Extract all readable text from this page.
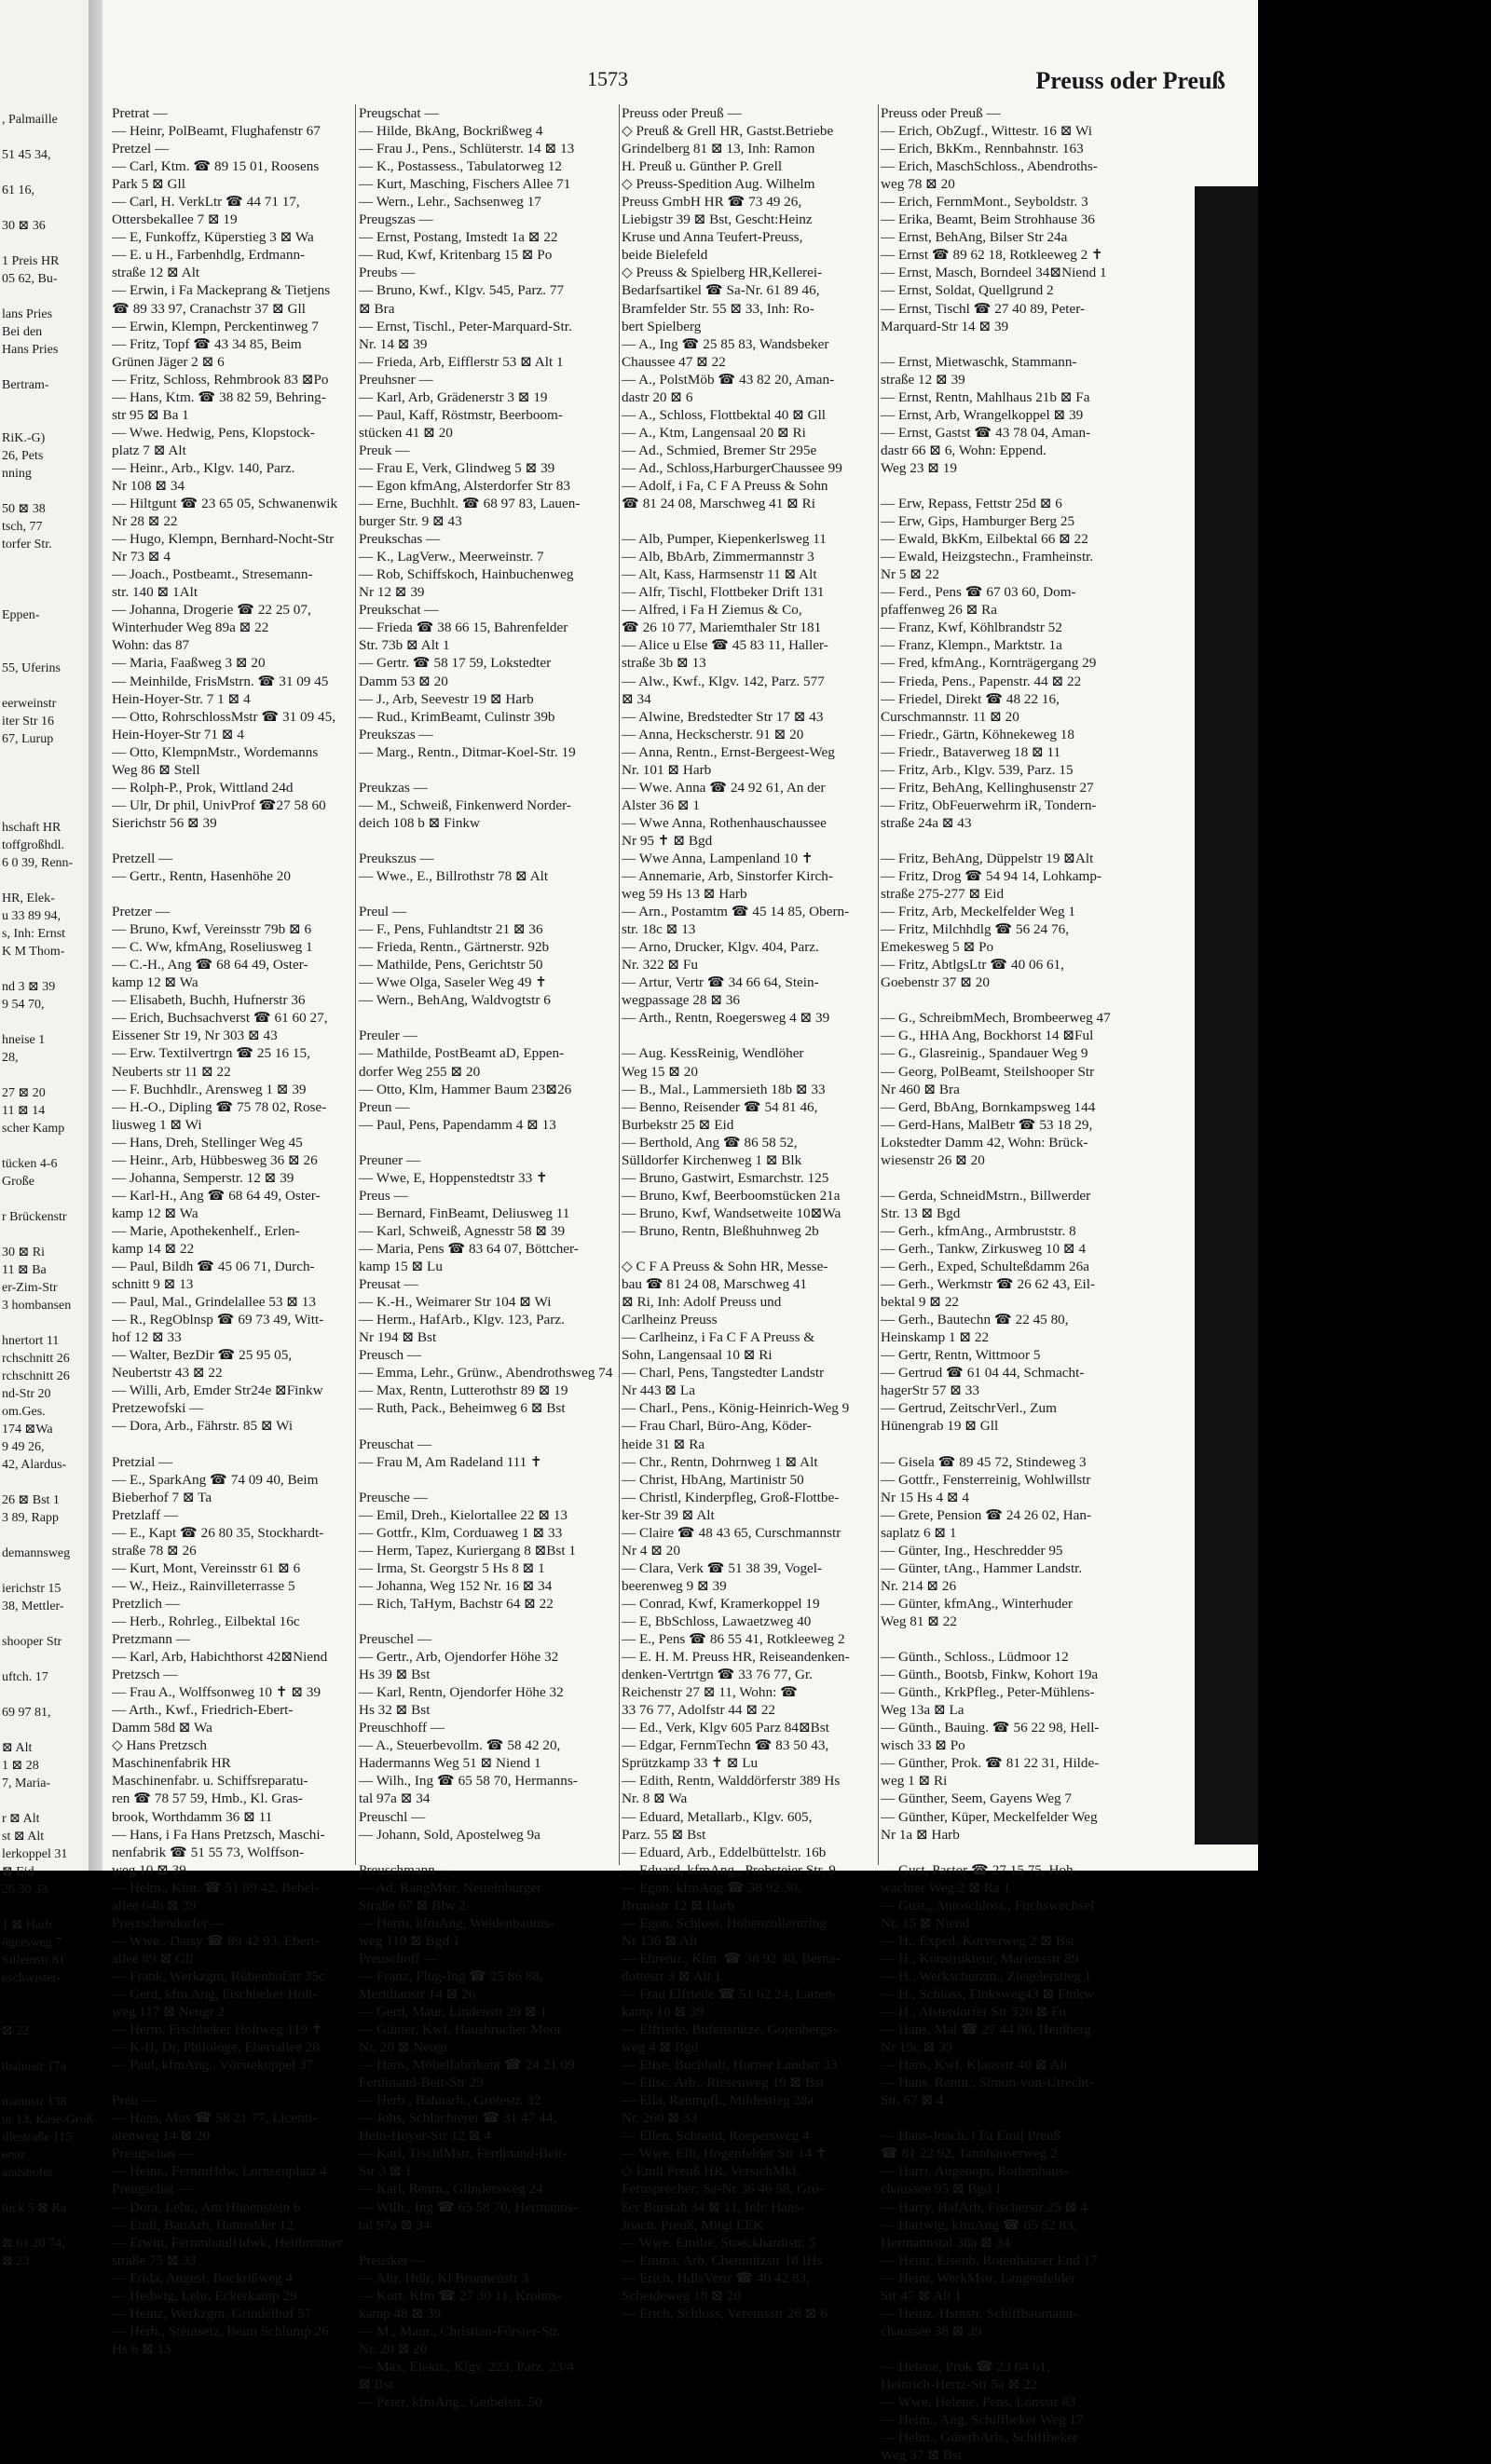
, Palmaille
51 45 34,
61 16,
30 ⊠ 36
1 Preis HR
05 62, Bu-
lans Pries
Bei den
Hans Pries
Bertram-
RiK.-G)
26, Pets
nning
50 ⊠ 38
tsch, 77
torfer Str.
Eppen-
55, Uferins
eerweinstr
iter Str 16
67, Lurup
hschaft HR
toffgroßhdl.
6 0 39, Renn-
HR, Elek-
u 33 89 94,
s, Inh: Ernst
K M Thom-
nd 3 ⊠ 39
9 54 70,
hneise 1
28,
27 ⊠ 20
11 ⊠ 14
scher Kamp
tücken 4-6
Große
r Brückenstr
30 ⊠ Ri
11 ⊠ Ba
er-Zim-Str
3 hombansen
hnertort 11
rchschnitt 26
rchschnitt 26
nd-Str 20
om.Ges.
174 ⊠Wa
9 49 26,
42, Alardus-
26 ⊠ Bst 1
3 89, Rapp
demannsweg
ierichstr 15
38, Mettler-
shooper Str
uftch. 17
69 97 81,
⊠ Alt
1 ⊠ 28
7, Maria-
r ⊠ Alt
st ⊠ Alt
lerkoppel 31
⊠ Eid
26 30 33,
1 ⊠ Harb
ögersweg 7
Sillemstr 81
eschwister-
⊠ 22
tbahnstr 17a
mannstr 138
ur 13, Käse-Groß
illestraße 115
erstr
andshofer
tück 5 ⊠ Ra
⊠ 61 20 74,
⊠ 23
1573	Preuss oder Preuß
Pretrat —
— Heinr, PolBeamt, Flughafenstr 67
Pretzel —
— Carl, Ktm. ☎ 89 15 01, Roosens
Park 5 ⊠ Gll
— Carl, H. VerkLtr ☎ 44 71 17,
Ottersbekallee 7 ⊠ 19
— E, Funkoffz, Küperstieg 3 ⊠ Wa
— E. u H., Farbenhdlg, Erdmann-
straße 12 ⊠ Alt
— Erwin, i Fa Mackeprang & Tietjens
☎ 89 33 97, Cranachstr 37 ⊠ Gll
— Erwin, Klempn, Perckentinweg 7
— Fritz, Topf ☎ 43 34 85, Beim
Grünen Jäger 2 ⊠ 6
— Fritz, Schloss, Rehmbrook 83 ⊠Po
— Hans, Ktm. ☎ 38 82 59, Behring-
str 95 ⊠ Ba 1
— Wwe. Hedwig, Pens, Klopstock-
platz 7 ⊠ Alt
— Heinr., Arb., Klgv. 140, Parz.
Nr 108 ⊠ 34
— Hiltgunt ☎ 23 65 05, Schwanenwik
Nr 28 ⊠ 22
— Hugo, Klempn, Bernhard-Nocht-Str
Nr 73 ⊠ 4
— Joach., Postbeamt., Stresemann-
str. 140 ⊠ 1Alt
— Johanna, Drogerie ☎ 22 25 07,
Winterhuder Weg 89a ⊠ 22
Wohn: das 87
— Maria, Faaßweg 3 ⊠ 20
— Meinhilde, FrisMstrn. ☎ 31 09 45
Hein-Hoyer-Str. 7 1 ⊠ 4
— Otto, RohrschlossMstr ☎ 31 09 45,
Hein-Hoyer-Str 71 ⊠ 4
— Otto, KlempnMstr., Wordemanns
Weg 86 ⊠ Stell
— Rolph-P., Prok, Wittland 24d
— Ulr, Dr phil, UnivProf ☎27 58 60
Sierichstr 56 ⊠ 39
Pretzell —
— Gertr., Rentn, Hasenhöhe 20
Pretzer —
— Bruno, Kwf, Vereinsstr 79b ⊠ 6
— C. Ww, kfmAng, Roseliusweg 1
— C.-H., Ang ☎ 68 64 49, Oster-
kamp 12 ⊠ Wa
— Elisabeth, Buchh, Hufnerstr 36
— Erich, Buchsachverst ☎ 61 60 27,
Eissener Str 19, Nr 303 ⊠ 43
— Erw. Textilvertrgn ☎ 25 16 15,
Neuberts str 11 ⊠ 22
— F. Buchhdlr., Arensweg 1 ⊠ 39
— H.-O., Dipling ☎ 75 78 02, Rose-
liusweg 1 ⊠ Wi
— Hans, Dreh, Stellinger Weg 45
— Heinr., Arb, Hübbesweg 36 ⊠ 26
— Johanna, Semperstr. 12 ⊠ 39
— Karl-H., Ang ☎ 68 64 49, Oster-
kamp 12 ⊠ Wa
— Marie, Apothekenhelf., Erlen-
kamp 14 ⊠ 22
— Paul, Bildh ☎ 45 06 71, Durch-
schnitt 9 ⊠ 13
— Paul, Mal., Grindelallee 53 ⊠ 13
— R., RegOblnsp ☎ 69 73 49, Witt-
hof 12 ⊠ 33
— Walter, BezDir ☎ 25 95 05,
Neubertstr 43 ⊠ 22
— Willi, Arb, Emder Str24e ⊠Finkw
Pretzewofski —
— Dora, Arb., Fährstr. 85 ⊠ Wi
Pretzial —
— E., SparkAng ☎ 74 09 40, Beim
Bieberhof 7 ⊠ Ta
Pretzlaff —
— E., Kapt ☎ 26 80 35, Stockhardt-
straße 78 ⊠ 26
— Kurt, Mont, Vereinsstr 61 ⊠ 6
— W., Heiz., Rainvilleterrasse 5
Pretzlich —
— Herb., Rohrleg., Eilbektal 16c
Pretzmann —
— Karl, Arb, Habichthorst 42⊠Niend
Pretzsch —
— Frau A., Wolffsonweg 10 ✝ ⊠ 39
— Arth., Kwf., Friedrich-Ebert-
Damm 58d ⊠ Wa
◇ Hans Pretzsch
Maschinenfabrik HR
Maschinenfabr. u. Schiffsreparatu-
ren ☎ 78 57 59, Hmb., Kl. Gras-
brook, Worthdamm 36 ⊠ 11
— Hans, i Fa Hans Pretzsch, Maschi-
nenfabrik ☎ 51 55 73, Wolffson-
weg 10 ⊠ 39
— Helm., Ktm. ☎ 51 89 42, Bebel-
allee 64b ⊠ 39
Pretzschendorfer —
— Wwe., Daisy ☎ 89 42 93, Ebert-
allee 89 ⊠ Gll
— Frank, Werkzgm, Rübenhofstr 35c
— Gerd, kfm Ang, Fischbeker Holt-
weg 117 ⊠ Neugr 2
— Herm, Fischbeker Holtweg 119 ✝
— K-H, Dr, Philologe, Ebertallee 28
— Paul, kfmAng., Vörstekoppel 37
Preu —
— Hans, Mus ☎ 58 21 77, Licenti-
atenweg 14 ⊠ 20
Preugschas —
— Heinr., FernmHdw, Lornsenplatz 4
Preugschat —
— Dora, Lehr., Am Hünenstein 6
— Emil, BauArb, Hanredder 12
— Erwin, FernmbaulHdwk, Heilbronner
straße 75 ⊠ 33
— Frida, Angest, Bockrißweg 4
— Hedwig, Lehr, Eckerkamp 29
— Heinz, Werkzgm, Grindelhof 57
— Herb., Steinsetz, Beim Schlump 26
Hs 6 ⊠ 13
Preugschat —
— Hilde, BkAng, Bockrißweg 4
— Frau J., Pens., Schlüterstr. 14 ⊠ 13
— K., Postassess., Tabulatorweg 12
— Kurt, Masching, Fischers Allee 71
— Wern., Lehr., Sachsenweg 17
Preugszas —
— Ernst, Postang, Imstedt 1a ⊠ 22
— Rud, Kwf, Kritenbarg 15 ⊠ Po
Preubs —
— Bruno, Kwf., Klgv. 545, Parz. 77
⊠ Bra
— Ernst, Tischl., Peter-Marquard-Str.
Nr. 14 ⊠ 39
— Frieda, Arb, Eifflerstr 53 ⊠ Alt 1
Preuhsner —
— Karl, Arb, Grädenerstr 3 ⊠ 19
— Paul, Kaff, Röstmstr, Beerboom-
stücken 41 ⊠ 20
Preuk —
— Frau E, Verk, Glindweg 5 ⊠ 39
— Egon kfmAng, Alsterdorfer Str 83
— Erne, Buchhlt. ☎ 68 97 83, Lauen-
burger Str. 9 ⊠ 43
Preukschas —
— K., LagVerw., Meerweinstr. 7
— Rob, Schiffskoch, Hainbuchenweg
Nr 12 ⊠ 39
Preukschat —
— Frieda ☎ 38 66 15, Bahrenfelder
Str. 73b ⊠ Alt 1
— Gertr. ☎ 58 17 59, Lokstedter
Damm 53 ⊠ 20
— J., Arb, Seevestr 19 ⊠ Harb
— Rud., KrimBeamt, Culinstr 39b
Preukszas —
— Marg., Rentn., Ditmar-Koel-Str. 19
Preukzas —
— M., Schweiß, Finkenwerd Norder-
deich 108 b ⊠ Finkw
Preukszus —
— Wwe., E., Billrothstr 78 ⊠ Alt
Preul —
— F., Pens, Fuhlandtstr 21 ⊠ 36
— Frieda, Rentn., Gärtnerstr. 92b
— Mathilde, Pens, Gerichtstr 50
— Wwe Olga, Saseler Weg 49 ✝
— Wern., BehAng, Waldvogtstr 6
Preuler —
— Mathilde, PostBeamt aD, Eppen-
dorfer Weg 255 ⊠ 20
— Otto, Klm, Hammer Baum 23⊠26
Preun —
— Paul, Pens, Papendamm 4 ⊠ 13
Preuner —
— Wwe, E, Hoppenstedtstr 33 ✝
Preus —
— Bernard, FinBeamt, Deliusweg 11
— Karl, Schweiß, Agnesstr 58 ⊠ 39
— Maria, Pens ☎ 83 64 07, Böttcher-
kamp 15 ⊠ Lu
Preusat —
— K.-H., Weimarer Str 104 ⊠ Wi
— Herm., HafArb., Klgv. 123, Parz.
Nr 194 ⊠ Bst
Preusch —
— Emma, Lehr., Grünw., Abendrothsweg 74
— Max, Rentn, Lutterothstr 89 ⊠ 19
— Ruth, Pack., Beheimweg 6 ⊠ Bst
Preuschat —
— Frau M, Am Radeland 111 ✝
Preusche —
— Emil, Dreh., Kielortallee 22 ⊠ 13
— Gottfr., Klm, Corduaweg 1 ⊠ 33
— Herm, Tapez, Kuriergang 8 ⊠Bst 1
— Irma, St. Georgstr 5 Hs 8 ⊠ 1
— Johanna, Weg 152 Nr. 16 ⊠ 34
— Rich, TaHym, Bachstr 64 ⊠ 22
Preuschel —
— Gertr., Arb, Ojendorfer Höhe 32
Hs 39 ⊠ Bst
— Karl, Rentn, Ojendorfer Höhe 32
Hs 32 ⊠ Bst
Preuschhoff —
— A., Steuerbevollm. ☎ 58 42 20,
Hadermanns Weg 51 ⊠ Niend 1
— Wilh., Ing ☎ 65 58 70, Hermanns-
tal 97a ⊠ 34
Preuschl —
— Johann, Sold, Apostelweg 9a
Preuschmann —
— Ad, RangMstr, Nettelnburger
Straße 67 ⊠ Blw 2
— Herm, kfmAng, Weidenbaums-
weg 110 ⊠ Bgd 1
Preuschoff —
— Franz, Flug-Ing ☎ 25 86 88,
Meridianstr 14 ⊠ 26
— Gerd, Maur, Lindenstr 29 ⊠ 1
— Günter, Kwf, Hausbrucher Moor
Nr. 20 ⊠ Neugr
— Hans, Möbelfabrikant ☎ 24 21 09
Ferdinand-Beit-Str 29
— Herb., Bahnarb., Grotestr. 32
— Johs, Schlachterei ☎ 31 47 44,
Hein-Hoyer-Str 12 ⊠ 4
— Karl, TischlMstr, Ferdinand-Beit-
Str 3 ⊠ 1
— Karl, Rentn., Glindersweg 24
— Wilh., Ing ☎ 65 58 70, Hermanns-
tal 97a ⊠ 34
Preusker —
— Altr, Hdlr, Kl Brunnenstr 3
— Kurt, Klm ☎ 27 30 11, Krohns-
kamp 48 ⊠ 39
— M., Maur., Christian-Förster-Str.
Nr. 20 ⊠ 20
— Max, Elektr., Klgv. 223, Parz. 23/4
⊠ Bst
— Peter, kfmAng., Geibelstr. 50
Preuss oder Preuß —
◇ Preuß & Grell HR, Gastst.Betriebe
Grindelberg 81 ⊠ 13, Inh: Ramon
H. Preuß u. Günther P. Grell
◇ Preuss-Spedition Aug. Wilhelm
Preuss GmbH HR ☎ 73 49 26,
Liebigstr 39 ⊠ Bst, Gescht:Heinz
Kruse und Anna Teufert-Preuss,
beide Bielefeld
◇ Preuss & Spielberg HR,Kellerei-
Bedarfsartikel ☎ Sa-Nr. 61 89 46,
Bramfelder Str. 55 ⊠ 33, Inh: Ro-
bert Spielberg
— A., Ing ☎ 25 85 83, Wandsbeker
Chaussee 47 ⊠ 22
— A., PolstMöb ☎ 43 82 20, Aman-
dastr 20 ⊠ 6
— A., Schloss, Flottbektal 40 ⊠ Gll
— A., Ktm, Langensaal 20 ⊠ Ri
— Ad., Schmied, Bremer Str 295e
— Ad., Schloss,HarburgerChaussee 99
— Adolf, i Fa, C F A Preuss & Sohn
☎ 81 24 08, Marschweg 41 ⊠ Ri
— Alb, Pumper, Kiepenkerlsweg 11
— Alb, BbArb, Zimmermannstr 3
— Alt, Kass, Harmsenstr 11 ⊠ Alt
— Alfr, Tischl, Flottbeker Drift 131
— Alfred, i Fa H Ziemus & Co,
☎ 26 10 77, Mariemthaler Str 181
— Alice u Else ☎ 45 83 11, Haller-
straße 3b ⊠ 13
— Alw., Kwf., Klgv. 142, Parz. 577
⊠ 34
— Alwine, Bredstedter Str 17 ⊠ 43
— Anna, Heckscherstr. 91 ⊠ 20
— Anna, Rentn., Ernst-Bergeest-Weg
Nr. 101 ⊠ Harb
— Wwe. Anna ☎ 24 92 61, An der
Alster 36 ⊠ 1
— Wwe Anna, Rothenhauschaussee
Nr 95 ✝ ⊠ Bgd
— Wwe Anna, Lampenland 10 ✝
— Annemarie, Arb, Sinstorfer Kirch-
weg 59 Hs 13 ⊠ Harb
— Arn., Postamtm ☎ 45 14 85, Obern-
str. 18c ⊠ 13
— Arno, Drucker, Klgv. 404, Parz.
Nr. 322 ⊠ Fu
— Artur, Vertr ☎ 34 66 64, Stein-
wegpassage 28 ⊠ 36
— Arth., Rentn, Roegersweg 4 ⊠ 39
— Aug. KessReinig, Wendlöher
Weg 15 ⊠ 20
— B., Mal., Lammersieth 18b ⊠ 33
— Benno, Reisender ☎ 54 81 46,
Burbekstr 25 ⊠ Eid
— Berthold, Ang ☎ 86 58 52,
Sülldorfer Kirchenweg 1 ⊠ Blk
— Bruno, Gastwirt, Esmarchstr. 125
— Bruno, Kwf, Beerboomstücken 21a
— Bruno, Kwf, Wandsetweite 10⊠Wa
— Bruno, Rentn, Bleßhuhnweg 2b
◇ C F A Preuss & Sohn HR, Messe-
bau ☎ 81 24 08, Marschweg 41
⊠ Ri, Inh: Adolf Preuss und
Carlheinz Preuss
— Carlheinz, i Fa C F A Preuss &
Sohn, Langensaal 10 ⊠ Ri
— Charl, Pens, Tangstedter Landstr
Nr 443 ⊠ La
— Charl., Pens., König-Heinrich-Weg 9
— Frau Charl, Büro-Ang, Köder-
heide 31 ⊠ Ra
— Chr., Rentn, Dohrnweg 1 ⊠ Alt
— Christ, HbAng, Martinistr 50
— Christl, Kinderpfleg, Groß-Flottbe-
ker-Str 39 ⊠ Alt
— Claire ☎ 48 43 65, Curschmannstr
Nr 4 ⊠ 20
— Clara, Verk ☎ 51 38 39, Vogel-
beerenweg 9 ⊠ 39
— Conrad, Kwf, Kramerkoppel 19
— E, BbSchloss, Lawaetzweg 40
— E., Pens ☎ 86 55 41, Rotkleeweg 2
— E. H. M. Preuss HR, Reiseandenken-
denken-Vertrtgn ☎ 33 76 77, Gr.
Reichenstr 27 ⊠ 11, Wohn: ☎
33 76 77, Adolfstr 44 ⊠ 22
— Ed., Verk, Klgv 605 Parz 84⊠Bst
— Edgar, FernmTechn ☎ 83 50 43,
Sprützkamp 33 ✝ ⊠ Lu
— Edith, Rentn, Walddörferstr 389 Hs
Nr. 8 ⊠ Wa
— Eduard, Metallarb., Klgv. 605,
Parz. 55 ⊠ Bst
— Eduard, Arb., Eddelbüttelstr. 16b
— Eduard, kfmAng., Probsteier Str. 9
— Egon, kfmAng ☎ 38 92 30,
Brunsstr 12 ⊠ Harb
— Egon, Schloss, Hohenzollernring
Nr 136 ⊠ Alt
— Ehrentr., Klm. ☎ 38 92 30, Berna-
dottestr 3 ⊠ Alt 1
— Frau Elfriede ☎ 51 62 24, Latten-
kamp 10 ⊠ 39
— Elfriede, Büfettstütze, Gojenbergs-
weg 4 ⊠ Bgd
— Elise, Buchhalt, Horner Landstr 33
— Elise, Arb., Riesenweg 19 ⊠ Bst
— Ella, Raumpfl., Mildestieg 28a
Nr. 260 ⊠ 33
— Ellen, Schneid, Roepersweg 4
— Wwe, Elli, Hogenfelder Str 14 ✝
◇ Emil Preuß HR, VersichMkl.
Fernsprecher: Sa-Nr 36 46 58, Gro-
ßer Burstah 34 ⊠ 11, Inh: Hans-
Joach. Preuß, Mitgl EEK
— Wwe. Emilie, Stoeckhardtstr. 5
— Emma, Arb, Chemnitzstr 18 IHs
— Erich, HdlsVertr ☎ 40 42 83,
Scheideweg 18 ⊠ 20
— Erich, Schloss, Vereinsstr 26 ⊠ 6
Preuss oder Preuß —
— Erich, ObZugf., Wittestr. 16 ⊠ Wi
— Erich, BkKm., Rennbahnstr. 163
— Erich, MaschSchloss., Abendroths-
weg 78 ⊠ 20
— Erich, FernmMont., Seyboldstr. 3
— Erika, Beamt, Beim Strohhause 36
— Ernst, BehAng, Bilser Str 24a
— Ernst ☎ 89 62 18, Rotkleeweg 2 ✝
— Ernst, Masch, Borndeel 34⊠Niend 1
— Ernst, Soldat, Quellgrund 2
— Ernst, Tischl ☎ 27 40 89, Peter-
Marquard-Str 14 ⊠ 39
— Ernst, Mietwaschk, Stammann-
straße 12 ⊠ 39
— Ernst, Rentn, Mahlhaus 21b ⊠ Fa
— Ernst, Arb, Wrangelkoppel ⊠ 39
— Ernst, Gastst ☎ 43 78 04, Aman-
dastr 66 ⊠ 6, Wohn: Eppend.
Weg 23 ⊠ 19
— Erw, Repass, Fettstr 25d ⊠ 6
— Erw, Gips, Hamburger Berg 25
— Ewald, BkKm, Eilbektal 66 ⊠ 22
— Ewald, Heizgstechn., Framheinstr.
Nr 5 ⊠ 22
— Ferd., Pens ☎ 67 03 60, Dom-
pfaffenweg 26 ⊠ Ra
— Franz, Kwf, Köhlbrandstr 52
— Franz, Klempn., Marktstr. 1a
— Fred, kfmAng., Kornträgergang 29
— Frieda, Pens., Papenstr. 44 ⊠ 22
— Friedel, Direkt ☎ 48 22 16,
Curschmannstr. 11 ⊠ 20
— Friedr., Gärtn, Köhnekeweg 18
— Friedr., Bataverweg 18 ⊠ 11
— Fritz, Arb., Klgv. 539, Parz. 15
— Fritz, BehAng, Kellinghusenstr 27
— Fritz, ObFeuerwehrm iR, Tondern-
straße 24a ⊠ 43
— Fritz, BehAng, Düppelstr 19 ⊠Alt
— Fritz, Drog ☎ 54 94 14, Lohkamp-
straße 275-277 ⊠ Eid
— Fritz, Arb, Meckelfelder Weg 1
— Fritz, Milchhdlg ☎ 56 24 76,
Emekesweg 5 ⊠ Po
— Fritz, AbtlgsLtr ☎ 40 06 61,
Goebenstr 37 ⊠ 20
— G., SchreibmMech, Brombeerweg 47
— G., HHA Ang, Bockhorst 14 ⊠Ful
— G., Glasreinig., Spandauer Weg 9
— Georg, PolBeamt, Steilshooper Str
Nr 460 ⊠ Bra
— Gerd, BbAng, Bornkampsweg 144
— Gerd-Hans, MalBetr ☎ 53 18 29,
Lokstedter Damm 42, Wohn: Brück-
wiesenstr 26 ⊠ 20
— Gerda, SchneidMstrn., Billwerder
Str. 13 ⊠ Bgd
— Gerh., kfmAng., Armbruststr. 8
— Gerh., Tankw, Zirkusweg 10 ⊠ 4
— Gerh., Exped, Schulteßdamm 26a
— Gerh., Werkmstr ☎ 26 62 43, Eil-
bektal 9 ⊠ 22
— Gerh., Bautechn ☎ 22 45 80,
Heinskamp 1 ⊠ 22
— Gertr, Rentn, Wittmoor 5
— Gertrud ☎ 61 04 44, Schmacht-
hagerStr 57 ⊠ 33
— Gertrud, ZeitschrVerl., Zum
Hünengrab 19 ⊠ Gll
— Gisela ☎ 89 45 72, Stindeweg 3
— Gottfr., Fensterreinig, Wohlwillstr
Nr 15 Hs 4 ⊠ 4
— Grete, Pension ☎ 24 26 02, Han-
saplatz 6 ⊠ 1
— Günter, Ing., Heschredder 95
— Günter, tAng., Hammer Landstr.
Nr. 214 ⊠ 26
— Günter, kfmAng., Winterhuder
Weg 81 ⊠ 22
— Günth., Schloss., Lüdmoor 12
— Günth., Bootsb, Finkw, Kohort 19a
— Günth., KrkPfleg., Peter-Mühlens-
Weg 13a ⊠ La
— Günth., Bauing. ☎ 56 22 98, Hell-
wisch 33 ⊠ Po
— Günther, Prok. ☎ 81 22 31, Hilde-
weg 1 ⊠ Ri
— Günther, Seem, Gayens Weg 7
— Günther, Küper, Meckelfelder Weg
Nr 1a ⊠ Harb
— Gust, Pastor ☎ 27 15 75, Hoh-
wachter Weg 2 ⊠ Ra 1
— Gust., Autoschloss., Fuchswechsel
Nr. 15 ⊠ Niend
— H., Exped, Korverweg 2 ⊠ Bst
— H., Konstrukteur, Mariensstr 89
— H., Werkschutzm., Ziegelerstieg 1
— H., Schloss, Finksweg43 ⊠ Finkw
— H., Alsterdorfer Str 520 ⊠ Fu
— Hans, Mal ☎ 27 44 80, Heidberg
Nr 19c ⊠ 39
— Hans, Kwf, Klausstr 40 ⊠ Alt
— Hans, Rentn., Simon-von-Utrecht-
Str. 67 ⊠ 4
— Hans-Joach, i Fa Emil Preuß
☎ 81 22 92, Tannhäuserweg 2
— Harri, Augenopt, Rothenhaus-
chaussee 95 ⊠ Bgd 1
— Harry, HafArb, Fischerstr 25 ⊠ 4
— Hartwig, kfmAng ☎ 65 52 83,
Hermannstal 38a ⊠ 34
— Heinr, Eisenb, Rotenhäuser End 17
— Heinr, WerkMstr, Langenfelder
Str 47 ⊠ Alt 1
— Heinz, Hsmstr, Schiffbaumann-
chaussee 38 ⊠ 39
— Helene, Prok ☎ 23 64 61,
Heinrich-Hertz-Str 5a ⊠ 22
— Wwe, Helene, Pens, Lönsstr 83
— Helm., Ang, Schiffbeker Weg 17
— Helm., GüterbArb., Schiffbeker
Weg 37 ⊠ Bst
